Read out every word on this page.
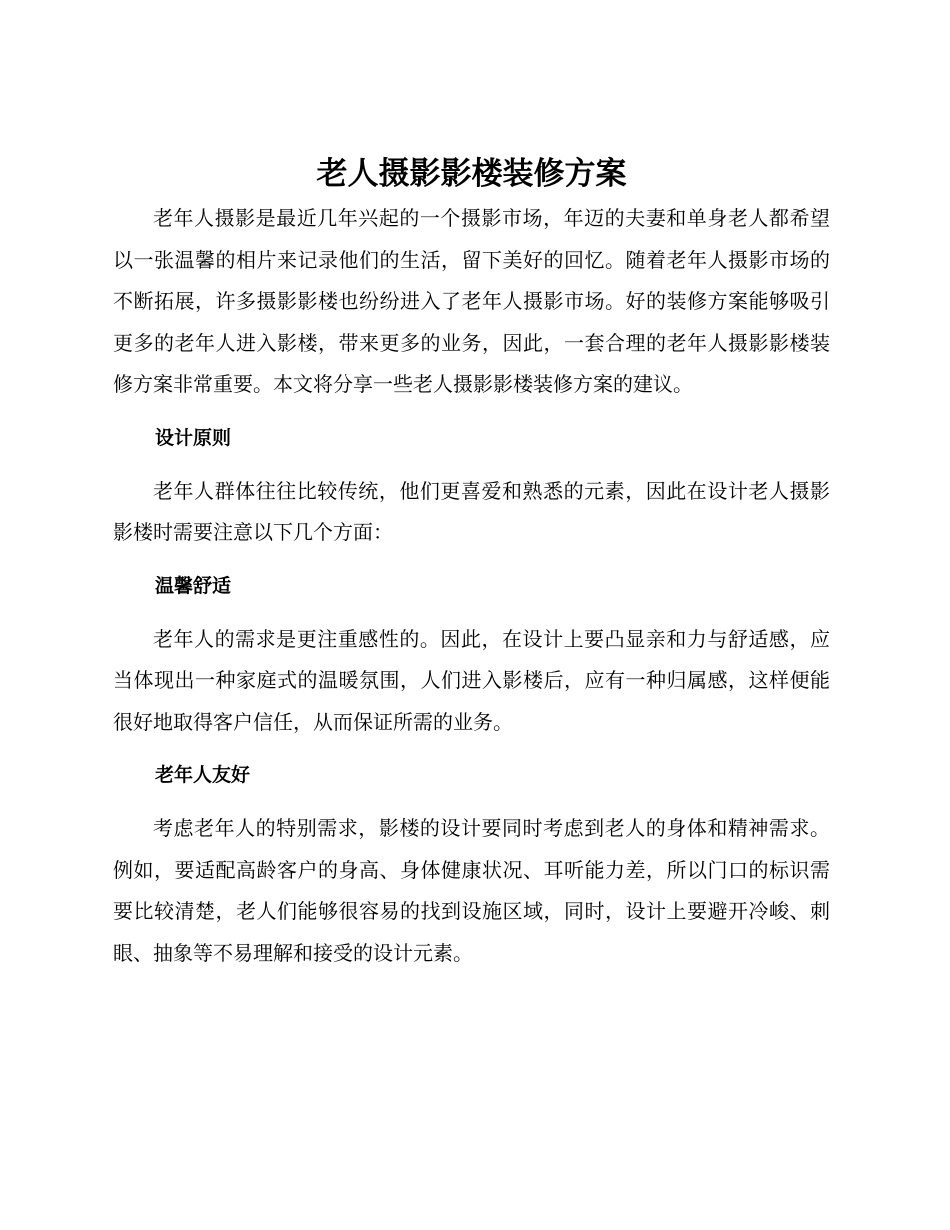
老人摄影影楼装修方案

老年人摄影是最近几年兴起的一个摄影市场，年迈的夫妻和单身老人都希望以一张温馨的相片来记录他们的生活，留下美好的回忆。随着老年人摄影市场的不断拓展，许多摄影影楼也纷纷进入了老年人摄影市场。好的装修方案能够吸引更多的老年人进入影楼，带来更多的业务，因此，一套合理的老年人摄影影楼装修方案非常重要。本文将分享一些老人摄影影楼装修方案的建议。

设计原则

老年人群体往往比较传统，他们更喜爱和熟悉的元素，因此在设计老人摄影影楼时需要注意以下几个方面：

温馨舒适

老年人的需求是更注重感性的。因此，在设计上要凸显亲和力与舒适感，应当体现出一种家庭式的温暖氛围，人们进入影楼后，应有一种归属感，这样便能很好地取得客户信任，从而保证所需的业务。

老年人友好

考虑老年人的特别需求，影楼的设计要同时考虑到老人的身体和精神需求。例如，要适配高龄客户的身高、身体健康状况、耳听能力差，所以门口的标识需要比较清楚，老人们能够很容易的找到设施区域，同时，设计上要避开冷峻、刺眼、抽象等不易理解和接受的设计元素。
